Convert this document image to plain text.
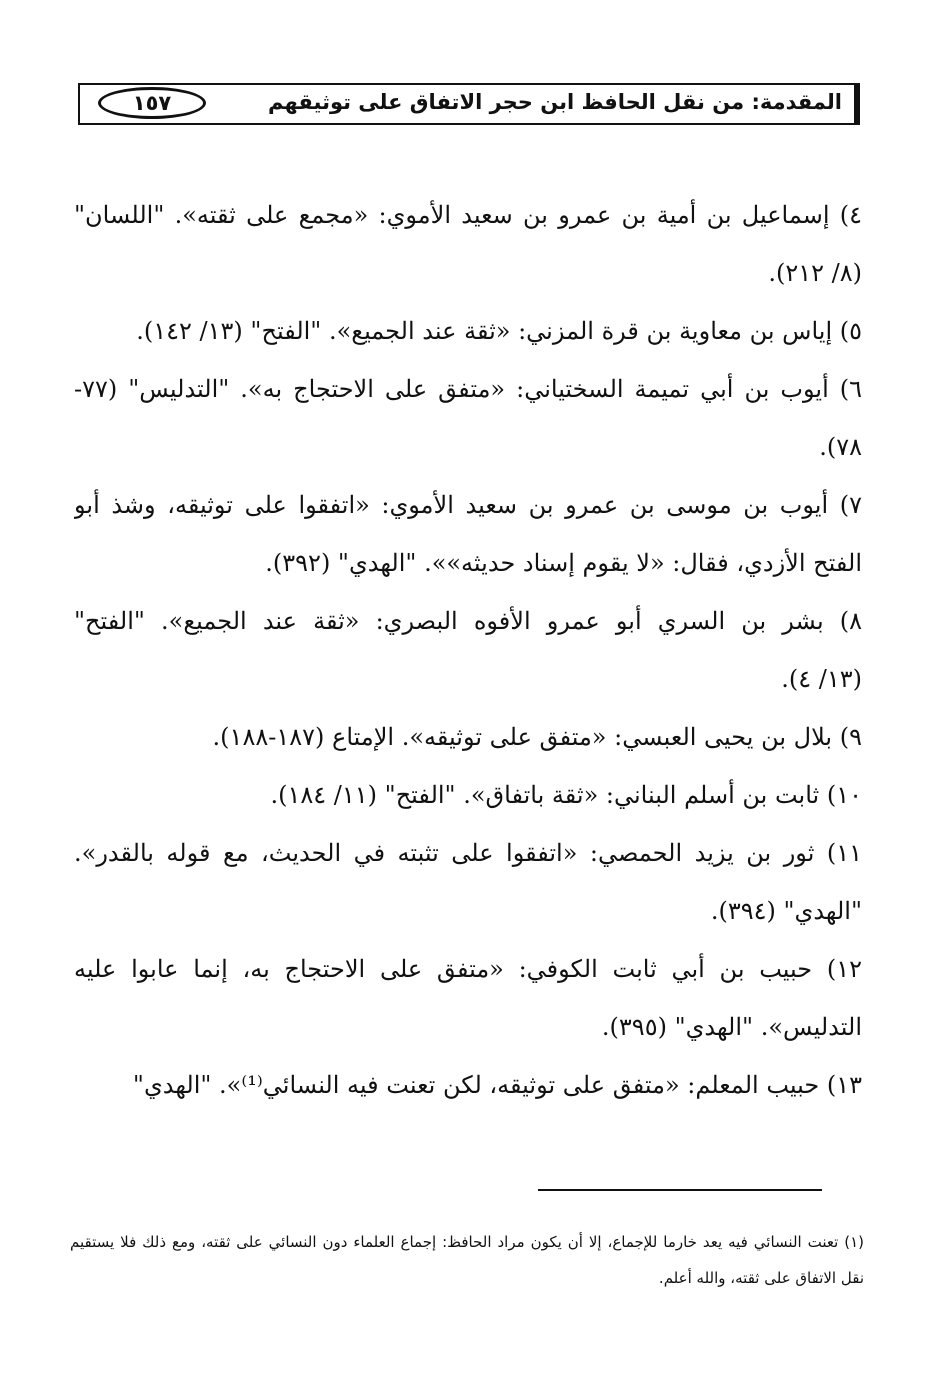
المقدمة: من نقل الحافظ ابن حجر الاتفاق على توثيقهم
١٥٧
٤) إسماعيل بن أمية بن عمرو بن سعيد الأموي: «مجمع على ثقته». "اللسان"
(٨/ ٢١٢).
٥) إياس بن معاوية بن قرة المزني: «ثقة عند الجميع». "الفتح" (١٣/ ١٤٢).
٦) أيوب بن أبي تميمة السختياني: «متفق على الاحتجاج به». "التدليس" (٧٧-
٧٨).
٧) أيوب بن موسى بن عمرو بن سعيد الأموي: «اتفقوا على توثيقه، وشذ أبو
الفتح الأزدي، فقال: «لا يقوم إسناد حديثه»». "الهدي" (٣٩٢).
٨) بشر بن السري أبو عمرو الأفوه البصري: «ثقة عند الجميع». "الفتح"
(١٣/ ٤).
٩) بلال بن يحيى العبسي: «متفق على توثيقه». الإمتاع (١٨٧-١٨٨).
١٠) ثابت بن أسلم البناني: «ثقة باتفاق». "الفتح" (١١/ ١٨٤).
١١) ثور بن يزيد الحمصي: «اتفقوا على تثبته في الحديث، مع قوله بالقدر».
"الهدي" (٣٩٤).
١٢) حبيب بن أبي ثابت الكوفي: «متفق على الاحتجاج به، إنما عابوا عليه
التدليس». "الهدي" (٣٩٥).
١٣) حبيب المعلم: «متفق على توثيقه، لكن تعنت فيه النسائي⁽¹⁾». "الهدي"
(١) تعنت النسائي فيه يعد خارما للإجماع، إلا أن يكون مراد الحافظ: إجماع العلماء دون النسائي على ثقته، ومع ذلك فلا يستقيم
نقل الاتفاق على ثقته، والله أعلم.
